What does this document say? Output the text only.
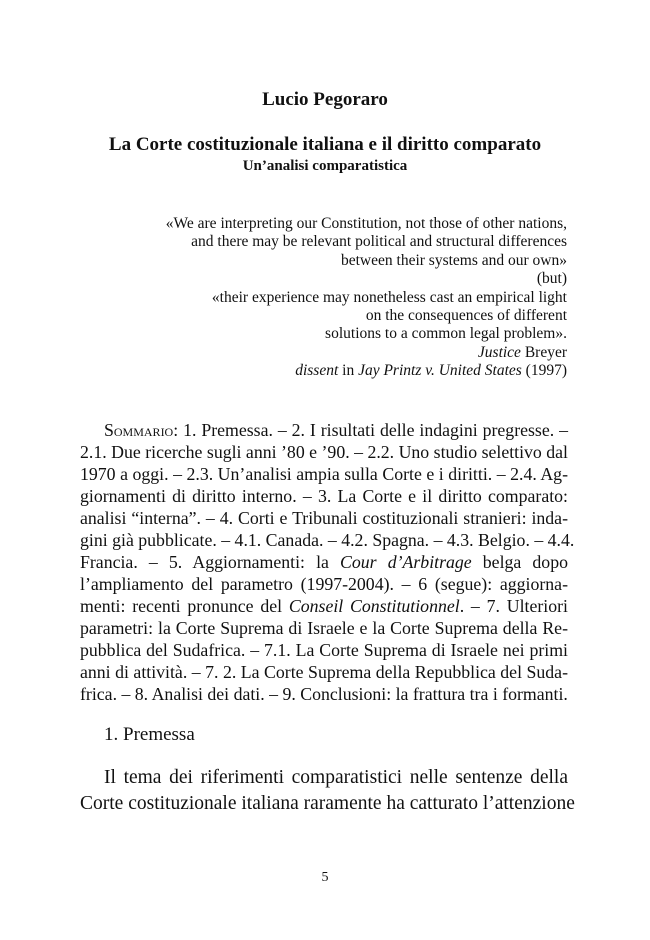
Lucio Pegoraro
La Corte costituzionale italiana e il diritto comparato
Un’analisi comparatistica
«We are interpreting our Constitution, not those of other nations,
and there may be relevant political and structural differences
between their systems and our own»
(but)
«their experience may nonetheless cast an empirical light
on the consequences of different
solutions to a common legal problem».
Justice Breyer
dissent in Jay Printz v. United States (1997)
Sommario: 1. Premessa. – 2. I risultati delle indagini pregresse. –
2.1. Due ricerche sugli anni ’80 e ’90. – 2.2. Uno studio selettivo dal
1970 a oggi. – 2.3. Un’analisi ampia sulla Corte e i diritti. – 2.4. Ag-
giornamenti di diritto interno. – 3. La Corte e il diritto comparato:
analisi “interna”. – 4. Corti e Tribunali costituzionali stranieri: inda-
gini già pubblicate. – 4.1. Canada. – 4.2. Spagna. – 4.3. Belgio. – 4.4.
Francia. – 5. Aggiornamenti: la Cour d’Arbitrage belga dopo
l’ampliamento del parametro (1997-2004). – 6 (segue): aggiorna-
menti: recenti pronunce del Conseil Constitutionnel. – 7. Ulteriori
parametri: la Corte Suprema di Israele e la Corte Suprema della Re-
pubblica del Sudafrica. – 7.1. La Corte Suprema di Israele nei primi
anni di attività. – 7. 2. La Corte Suprema della Repubblica del Suda-
frica. – 8. Analisi dei dati. – 9. Conclusioni: la frattura tra i formanti.
1. Premessa
Il tema dei riferimenti comparatistici nelle sentenze della
Corte costituzionale italiana raramente ha catturato l’attenzione
5
